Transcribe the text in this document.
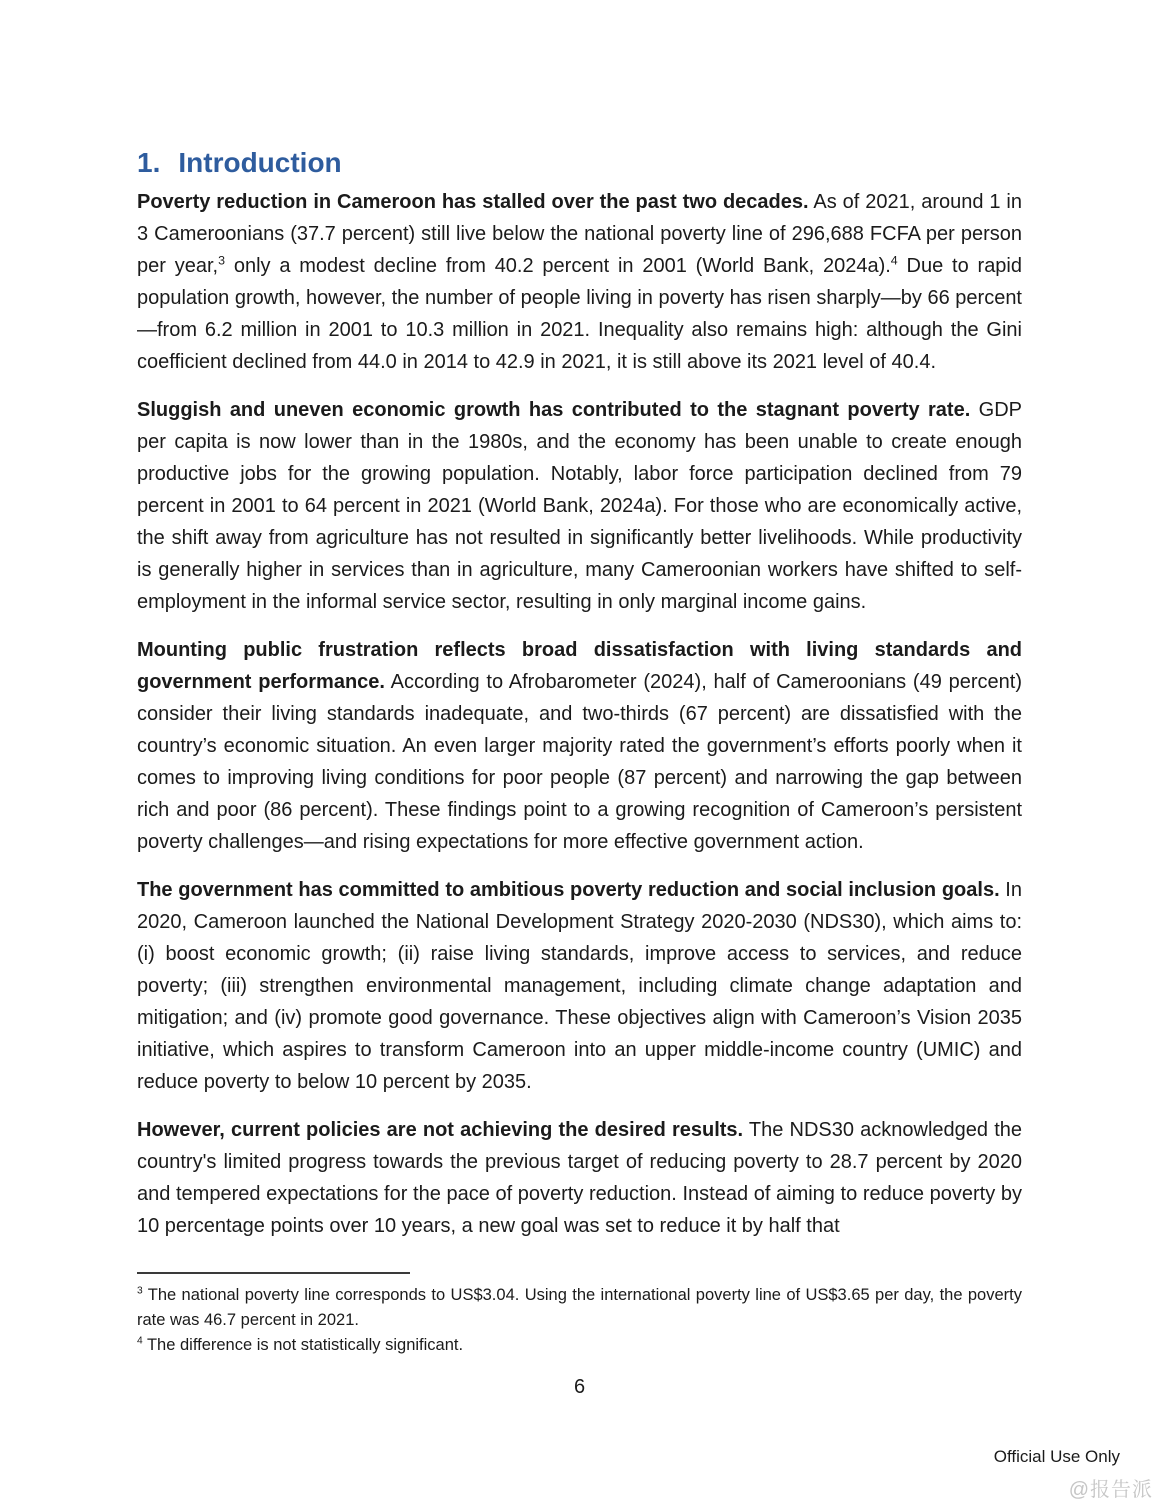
1. Introduction

Poverty reduction in Cameroon has stalled over the past two decades. As of 2021, around 1 in 3 Cameroonians (37.7 percent) still live below the national poverty line of 296,688 FCFA per person per year,$^3$ only a modest decline from 40.2 percent in 2001 (World Bank, 2024a).$^4$ Due to rapid population growth, however, the number of people living in poverty has risen sharply—by 66 percent—from 6.2 million in 2001 to 10.3 million in 2021. Inequality also remains high: although the Gini coefficient declined from 44.0 in 2014 to 42.9 in 2021, it is still above its 2021 level of 40.4.

Sluggish and uneven economic growth has contributed to the stagnant poverty rate. GDP per capita is now lower than in the 1980s, and the economy has been unable to create enough productive jobs for the growing population. Notably, labor force participation declined from 79 percent in 2001 to 64 percent in 2021 (World Bank, 2024a). For those who are economically active, the shift away from agriculture has not resulted in significantly better livelihoods. While productivity is generally higher in services than in agriculture, many Cameroonian workers have shifted to self-employment in the informal service sector, resulting in only marginal income gains.

Mounting public frustration reflects broad dissatisfaction with living standards and government performance. According to Afrobarometer (2024), half of Cameroonians (49 percent) consider their living standards inadequate, and two-thirds (67 percent) are dissatisfied with the country’s economic situation. An even larger majority rated the government’s efforts poorly when it comes to improving living conditions for poor people (87 percent) and narrowing the gap between rich and poor (86 percent). These findings point to a growing recognition of Cameroon’s persistent poverty challenges—and rising expectations for more effective government action.

The government has committed to ambitious poverty reduction and social inclusion goals. In 2020, Cameroon launched the National Development Strategy 2020-2030 (NDS30), which aims to: (i) boost economic growth; (ii) raise living standards, improve access to services, and reduce poverty; (iii) strengthen environmental management, including climate change adaptation and mitigation; and (iv) promote good governance. These objectives align with Cameroon’s Vision 2035 initiative, which aspires to transform Cameroon into an upper middle-income country (UMIC) and reduce poverty to below 10 percent by 2035.

However, current policies are not achieving the desired results. The NDS30 acknowledged the country's limited progress towards the previous target of reducing poverty to 28.7 percent by 2020 and tempered expectations for the pace of poverty reduction. Instead of aiming to reduce poverty by 10 percentage points over 10 years, a new goal was set to reduce it by half that

$^3$ The national poverty line corresponds to US$3.04. Using the international poverty line of US$3.65 per day, the poverty rate was 46.7 percent in 2021.
$^4$ The difference is not statistically significant.
6
Official Use Only
@报告派
